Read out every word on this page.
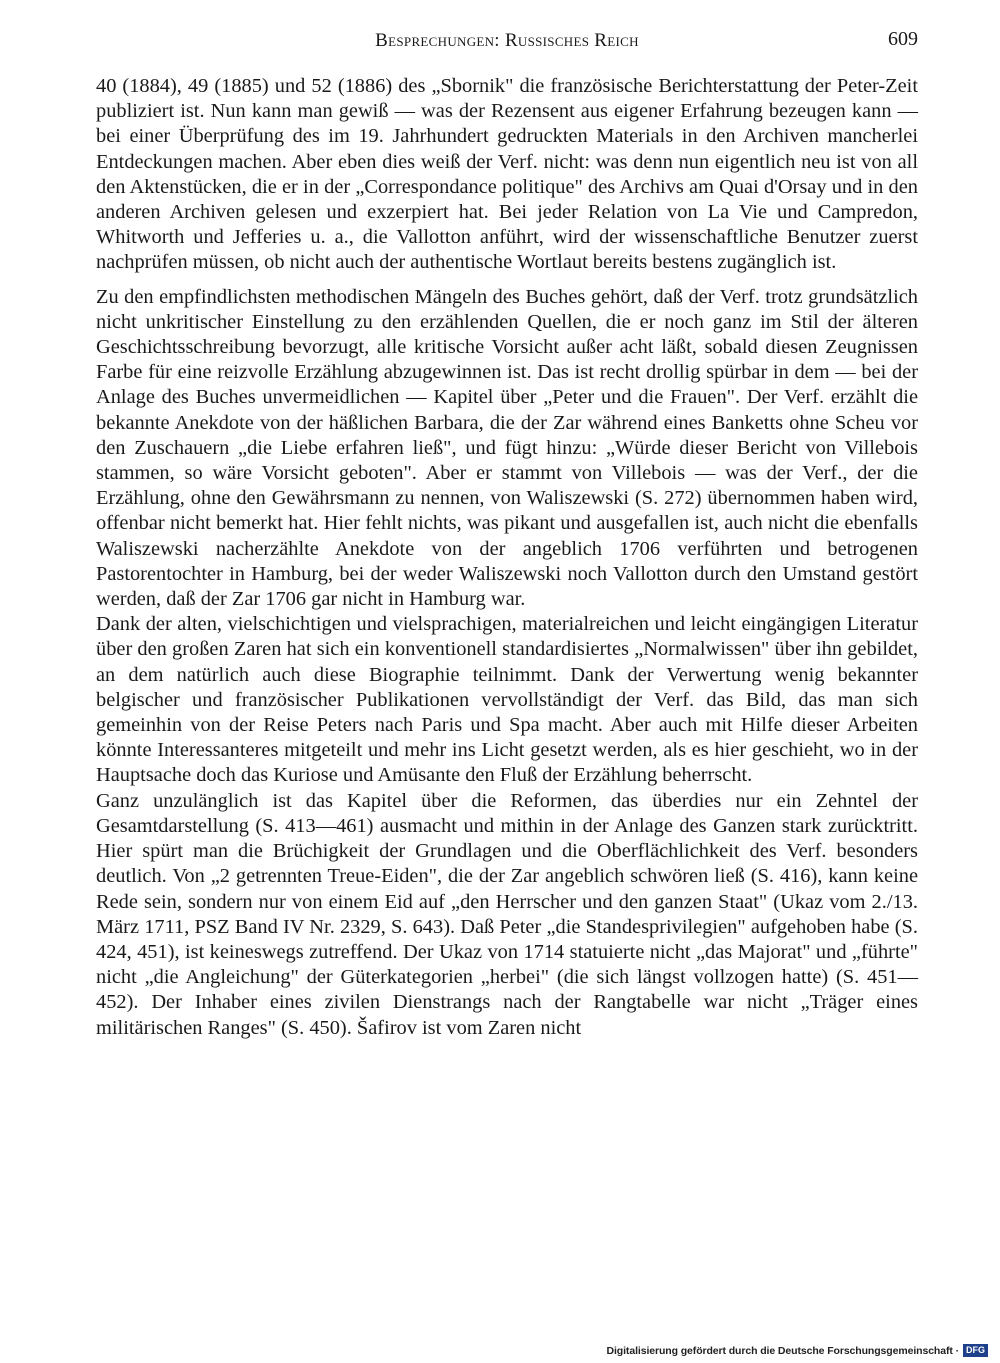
Besprechungen: Russisches Reich	609

40 (1884), 49 (1885) und 52 (1886) des „Sbornik" die französische Berichterstattung der Peter-Zeit publiziert ist. Nun kann man gewiß — was der Rezensent aus eigener Erfahrung bezeugen kann — bei einer Überprüfung des im 19. Jahrhundert gedruckten Materials in den Archiven mancherlei Entdeckungen machen. Aber eben dies weiß der Verf. nicht: was denn nun eigentlich neu ist von all den Aktenstücken, die er in der „Correspondance politique" des Archivs am Quai d'Orsay und in den anderen Archiven gelesen und exzerpiert hat. Bei jeder Relation von La Vie und Campredon, Whitworth und Jefferies u. a., die Vallotton anführt, wird der wissenschaftliche Benutzer zuerst nachprüfen müssen, ob nicht auch der authentische Wortlaut bereits bestens zugänglich ist.

Zu den empfindlichsten methodischen Mängeln des Buches gehört, daß der Verf. trotz grundsätzlich nicht unkritischer Einstellung zu den erzählenden Quellen, die er noch ganz im Stil der älteren Geschichtsschreibung bevorzugt, alle kritische Vorsicht außer acht läßt, sobald diesen Zeugnissen Farbe für eine reizvolle Erzählung abzugewinnen ist. Das ist recht drollig spürbar in dem — bei der Anlage des Buches unvermeidlichen — Kapitel über „Peter und die Frauen". Der Verf. erzählt die bekannte Anekdote von der häßlichen Barbara, die der Zar während eines Banketts ohne Scheu vor den Zuschauern „die Liebe erfahren ließ", und fügt hinzu: „Würde dieser Bericht von Villebois stammen, so wäre Vorsicht geboten". Aber er stammt von Villebois — was der Verf., der die Erzählung, ohne den Gewährsmann zu nennen, von Waliszewski (S. 272) übernommen haben wird, offenbar nicht bemerkt hat. Hier fehlt nichts, was pikant und ausgefallen ist, auch nicht die ebenfalls Waliszewski nacherzählte Anekdote von der angeblich 1706 verführten und betrogenen Pastorentochter in Hamburg, bei der weder Waliszewski noch Vallotton durch den Umstand gestört werden, daß der Zar 1706 gar nicht in Hamburg war.

Dank der alten, vielschichtigen und vielsprachigen, materialreichen und leicht eingängigen Literatur über den großen Zaren hat sich ein konventionell standardisiertes „Normalwissen" über ihn gebildet, an dem natürlich auch diese Biographie teilnimmt. Dank der Verwertung wenig bekannter belgischer und französischer Publikationen vervollständigt der Verf. das Bild, das man sich gemeinhin von der Reise Peters nach Paris und Spa macht. Aber auch mit Hilfe dieser Arbeiten könnte Interessanteres mitgeteilt und mehr ins Licht gesetzt werden, als es hier geschieht, wo in der Hauptsache doch das Kuriose und Amüsante den Fluß der Erzählung beherrscht.

Ganz unzulänglich ist das Kapitel über die Reformen, das überdies nur ein Zehntel der Gesamtdarstellung (S. 413—461) ausmacht und mithin in der Anlage des Ganzen stark zurücktritt. Hier spürt man die Brüchigkeit der Grundlagen und die Oberflächlichkeit des Verf. besonders deutlich. Von „2 getrennten Treue-Eiden", die der Zar angeblich schwören ließ (S. 416), kann keine Rede sein, sondern nur von einem Eid auf „den Herrscher und den ganzen Staat" (Ukaz vom 2./13. März 1711, PSZ Band IV Nr. 2329, S. 643). Daß Peter „die Standesprivilegien" aufgehoben habe (S. 424, 451), ist keineswegs zutreffend. Der Ukaz von 1714 statuierte nicht „das Majorat" und „führte" nicht „die Angleichung" der Güterkategorien „herbei" (die sich längst vollzogen hatte) (S. 451—452). Der Inhaber eines zivilen Dienstrangs nach der Rangtabelle war nicht „Träger eines militärischen Ranges" (S. 450). Šafirov ist vom Zaren nicht

Digitalisierung gefördert durch die Deutsche Forschungsgemeinschaft · DFG
